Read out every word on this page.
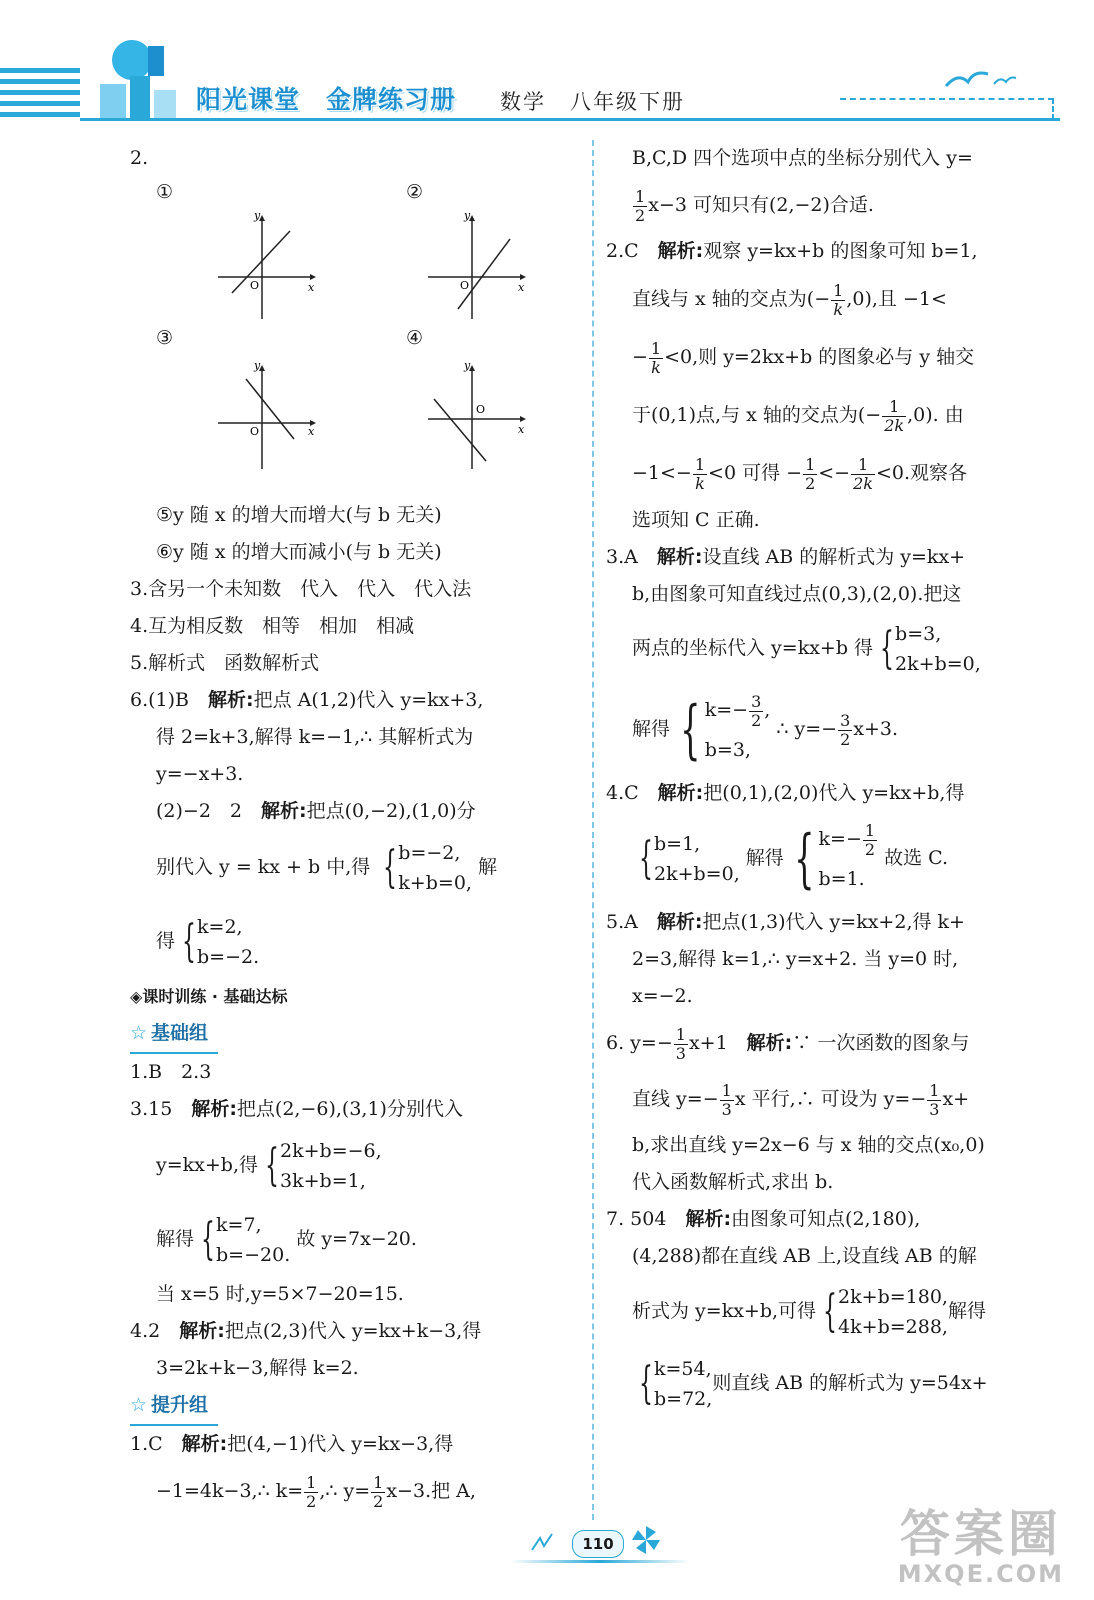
阳光课堂 金牌练习册 数学 八年级下册

2.

①	②
③	④
y
x
O
y
x
O
y
x
O
y
x
O

⑤y 随 x 的增大而增大(与 b 无关)

⑥y 随 x 的增大而减小(与 b 无关)

3.含另一个未知数　代入　代入　代入法

4.互为相反数　相等　相加　相减

5.解析式　函数解析式

6.(1)B　解析:把点 A(1,2)代入 y=kx+3,

得 2=k+3,解得 k=−1,∴ 其解析式为

y=−x+3.

(2)−2　2　解析:把点(0,−2),(1,0)分

别代入 y = kx + b 中,得 { b=−2,
k+b=0,
解

得 { k=2,
b=−2.

◈课时训练 · 基础达标

☆ 基础组

1.B　2.3

3.15　解析:把点(2,−6),(3,1)分别代入

y=kx+b,得 { 2k+b=−6,
3k+b=1,

解得 { k=7,
b=−20.
故 y=7x−20.

当 x=5 时,y=5×7−20=15.

4.2　解析:把点(2,3)代入 y=kx+k−3,得

3=2k+k−3,解得 k=2.

☆ 提升组

1.C　解析:把(4,−1)代入 y=kx−3,得

−1=4k−3,∴ $k= \frac{1}{2}$ ,∴ $y= \frac{1}{2} x-3$.把 A,

B,C,D 四个选项中点的坐标分别代入 y=

$\frac{1}{2} x-3$ 可知只有(2,−2)合适.

2.C　解析:观察 y=kx+b 的图象可知 b=1,

直线与 x 轴的交点为(− $\frac{1}{k} ,0$),且 −1<

− $\frac{1}{k} <0$,则 y=2kx+b 的图象必与 y 轴交

于(0,1)点,与 x 轴的交点为(− $\frac{1}{2k} ,0$). 由

$-1<- \frac{1}{k} <0$ 可得 − $\frac{1}{2} <- \frac{1}{2k} <0$.观察各

选项知 C 正确.

3.A　解析:设直线 AB 的解析式为 y=kx+

b,由图象可知直线过点(0,3),(2,0).把这

两点的坐标代入 y=kx+b 得 { b=3,
2k+b=0,

解得 { $k=- \frac{3}{2}$ ,
b=3,
∴ $y=- \frac{3}{2} x+3$.

4.C　解析:把(0,1),(2,0)代入 y=kx+b,得

{ b=1,
2k+b=0,
解得 { $k=- \frac{1}{2}$
b=1.
故选 C.

5.A　解析:把点(1,3)代入 y=kx+2,得 k+

2=3,解得 k=1,∴ y=x+2. 当 y=0 时,

x=−2.

6. $y=- \frac{1}{3} x+1$　解析:∵ 一次函数的图象与

直线 $y=- \frac{1}{3}$ x 平行,∴ 可设为 $y=- \frac{1}{3} x+$

b,求出直线 y=2x−6 与 x 轴的交点(x₀,0)

代入函数解析式,求出 b.

7. 504　解析:由图象可知点(2,180),

(4,288)都在直线 AB 上,设直线 AB 的解

析式为 y=kx+b,可得 { 2k+b=180,
4k+b=288,
解得

{ k=54,
b=72,
则直线 AB 的解析式为 y=54x+

110	答案圈
MXQE.COM
